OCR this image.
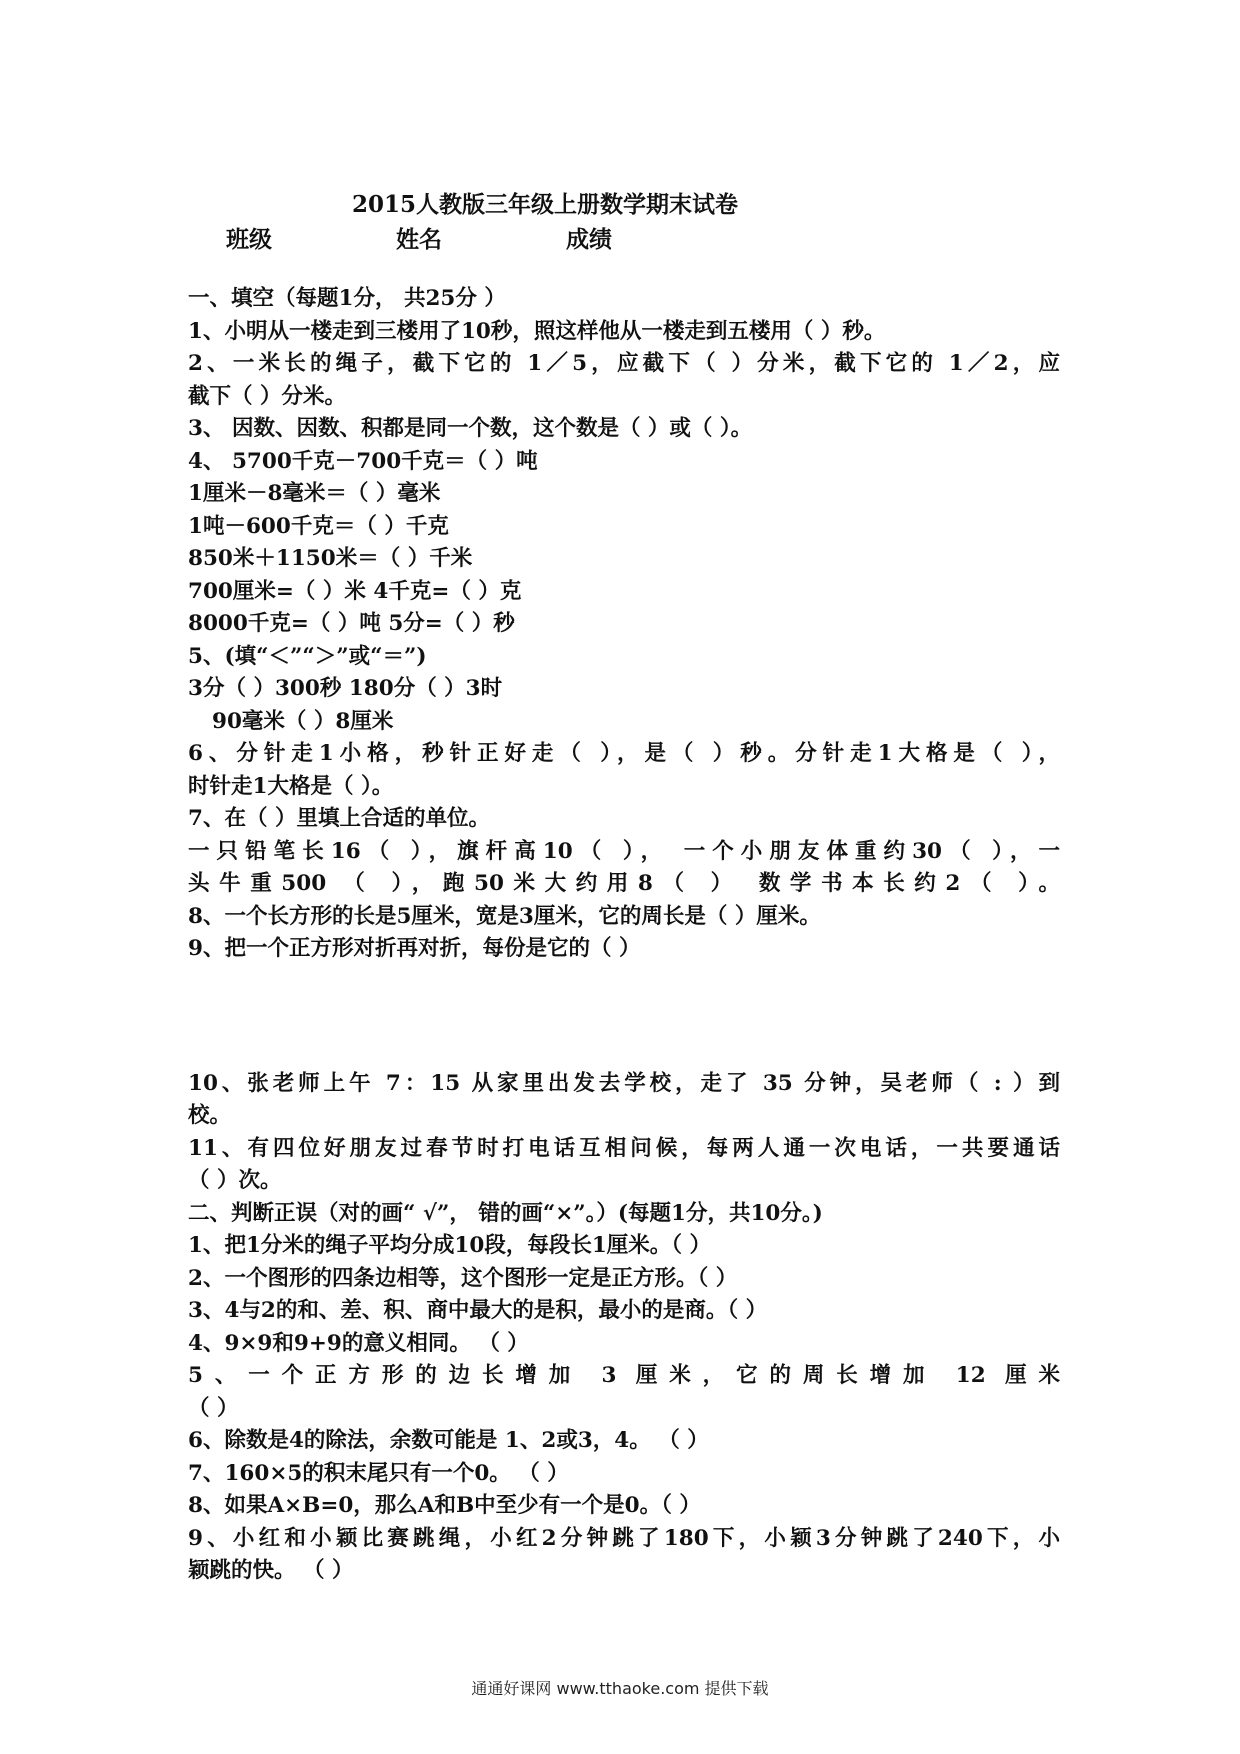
2015人教版三年级上册数学期末试卷
班级	姓名	成绩
一、填空（每题1分， 共25分 ）
1、小明从一楼走到三楼用了10秒，照这样他从一楼走到五楼用（ ）秒。
2、一米长的绳子，截下它的 1／5，应截下（ ）分米，截下它的 1／2，应
截下（ ）分米。
3、 因数、因数、积都是同一个数，这个数是（ ）或（ ）。
4、 5700千克－700千克＝（ ）吨
1厘米－8毫米＝（ ）毫米
1吨－600千克＝（ ）千克
850米＋1150米＝（ ）千米
700厘米=（ ）米 4千克=（ ）克
8000千克=（ ）吨 5分=（ ）秒
5、(填“＜”“＞”或“＝”)
3分（ ）300秒 180分（ ）3时
90毫米（ ）8厘米
6、分针走1小格，秒针正好走（ ），是（ ）秒。分针走1大格是（ ），
时针走1大格是（ ）。
7、在（ ）里填上合适的单位。
一只铅笔长16（ ），旗杆高10（ ）， 一个小朋友体重约30（ ），一
头牛重500 （ ），跑50米大约用8（ ） 数学书本长约2（ ）。
8、一个长方形的长是5厘米，宽是3厘米，它的周长是（ ）厘米。
9、把一个正方形对折再对折，每份是它的（ ）
10、张老师上午 7：15 从家里出发去学校，走了 35 分钟，吴老师（ : ）到
校。
11、有四位好朋友过春节时打电话互相问候，每两人通一次电话，一共要通话
（ ）次。
二、判断正误（对的画“ √”， 错的画“×”。）(每题1分，共10分。)
1、把1分米的绳子平均分成10段，每段长1厘米。（ ）
2、一个图形的四条边相等，这个图形一定是正方形。（ ）
3、4与2的和、差、积、商中最大的是积，最小的是商。（ ）
4、9×9和9+9的意义相同。 （ ）
5、一个正方形的边长增加 3 厘米，它的周长增加 12 厘米
（ ）
6、除数是4的除法，余数可能是 1、2或3，4。 （ ）
7、160×5的积末尾只有一个0。 （ ）
8、如果A×B=0，那么A和B中至少有一个是0。（ ）
9、小红和小颖比赛跳绳，小红2分钟跳了180下，小颖3分钟跳了240下，小
颖跳的快。 （ ）
通通好课网 www.tthaoke.com 提供下载
